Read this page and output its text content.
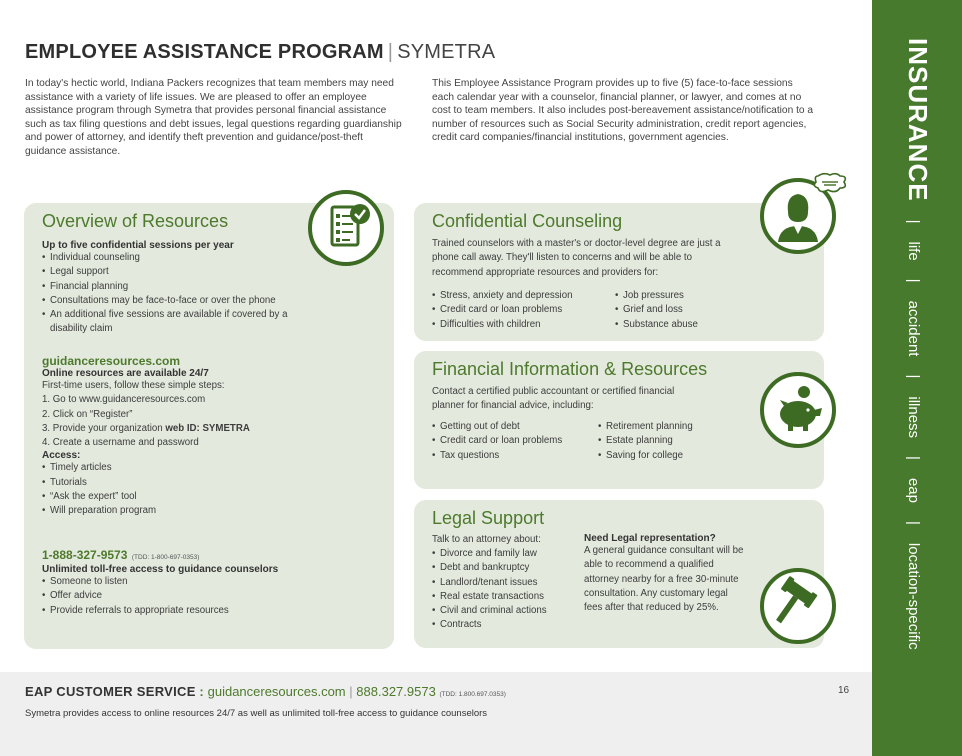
EMPLOYEE ASSISTANCE PROGRAM | SYMETRA

In today's hectic world, Indiana Packers recognizes that team members may need assistance with a variety of life issues. We are pleased to offer an employee assistance program through Symetra that provides personal financial assistance such as tax filing questions and debt issues, legal questions regarding guardianship and power of attorney, and identify theft prevention and guidance/post-theft guidance assistance.

This Employee Assistance Program provides up to five (5) face-to-face sessions each calendar year with a counselor, financial planner, or lawyer, and comes at no cost to team members. It also includes post-bereavement assistance/notification to a number of resources such as Social Security administration, credit report agencies, credit card companies/financial institutions, government agencies.

Overview of Resources
Up to five confidential sessions per year
• Individual counseling
• Legal support
• Financial planning
• Consultations may be face-to-face or over the phone
• An additional five sessions are available if covered by a disability claim
guidanceresources.com
Online resources are available 24/7
First-time users, follow these simple steps:
1. Go to www.guidanceresources.com
2. Click on “Register”
3. Provide your organization web ID: SYMETRA
4. Create a username and password
Access:
• Timely articles
• Tutorials
• “Ask the expert” tool
• Will preparation program
1-888-327-9573 (TDD: 1-800-697-0353)
Unlimited toll-free access to guidance counselors
• Someone to listen
• Offer advice
• Provide referrals to appropriate resources
Confidential Counseling

Trained counselors with a master's or doctor-level degree are just a phone call away. They'll listen to concerns and will be able to recommend appropriate resources and providers for:

• Stress, anxiety and depression
• Credit card or loan problems
• Difficulties with children
• Job pressures
• Grief and loss
• Substance abuse
Financial Information & Resources

Contact a certified public accountant or certified financial planner for financial advice, including:

• Getting out of debt
• Credit card or loan problems
• Tax questions
• Retirement planning
• Estate planning
• Saving for college
Legal Support
Talk to an attorney about:
• Divorce and family law
• Debt and bankruptcy
• Landlord/tenant issues
• Real estate transactions
• Civil and criminal actions
• Contracts
Need Legal representation?

A general guidance consultant will be able to recommend a qualified attorney nearby for a free 30-minute consultation. Any customary legal fees after that reduced by 25%.

INSURANCE|life|accident|illness|eap|location-specific
EAP CUSTOMER SERVICE : guidanceresources.com | 888.327.9573 (TDD: 1.800.697.0353)
Symetra provides access to online resources 24/7 as well as unlimited toll-free access to guidance counselors
16
